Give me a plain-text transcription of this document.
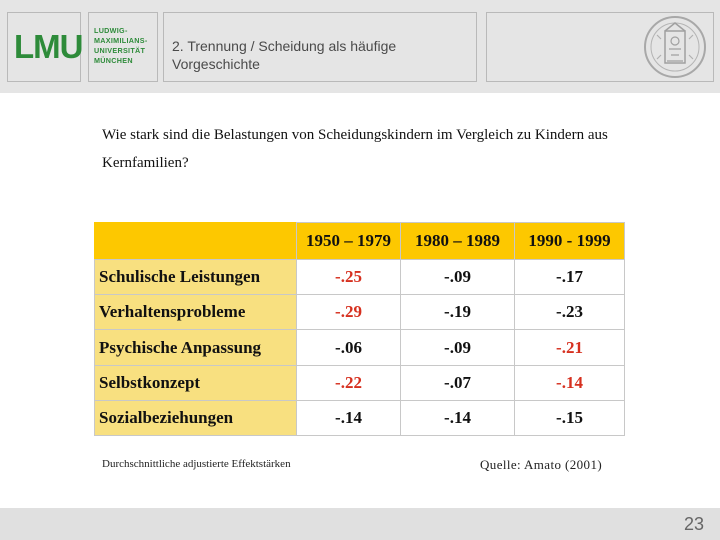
LMU LUDWIG-
MAXIMILIANS-
UNIVERSITÄT
MÜNCHEN
2. Trennung / Scheidung als häufige Vorgeschichte
Wie stark sind die Belastungen von Scheidungskindern im Vergleich zu Kindern aus Kernfamilien?
	1950 – 1979	1980 – 1989	1990 - 1999
Schulische Leistungen	-.25	-.09	-.17
Verhaltensprobleme	-.29	-.19	-.23
Psychische Anpassung	-.06	-.09	-.21
Selbstkonzept	-.22	-.07	-.14
Sozialbeziehungen	-.14	-.14	-.15
Durchschnittliche adjustierte Effektstärken	Quelle: Amato (2001)
23
